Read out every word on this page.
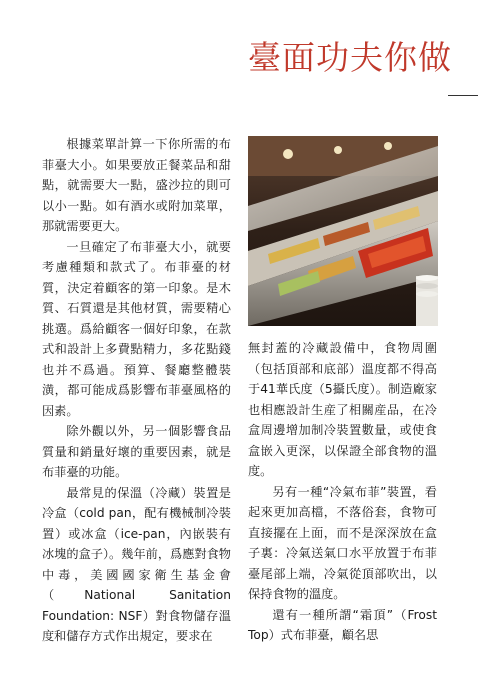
臺面功夫你做

根據菜單計算一下你所需的布菲臺大小。如果要放正餐菜品和甜點，就需要大一點，盛沙拉的則可以小一點。如有酒水或附加菜單，那就需要更大。

一旦確定了布菲臺大小，就要考慮種類和款式了。布菲臺的材質，決定着顧客的第一印象。是木質、石質還是其他材質，需要精心挑選。爲給顧客一個好印象，在款式和設計上多費點精力，多花點錢也并不爲過。預算、餐廳整體裝潢，都可能成爲影響布菲臺風格的因素。

除外觀以外，另一個影響食品質量和銷量好壞的重要因素，就是布菲臺的功能。

最常見的保溫（冷藏）裝置是冷盒（cold pan，配有機械制冷裝置）或冰盒（ice-pan，內嵌裝有冰塊的盒子）。幾年前，爲應對食物中毒，美國國家衛生基金會（National Sanitation Foundation: NSF）對食物儲存溫度和儲存方式作出規定，要求在

無封蓋的冷藏設備中，食物周圍（包括頂部和底部）溫度都不得高于41華氏度（5攝氏度）。制造廠家也相應設計生産了相關産品，在冷盒周邊增加制冷裝置數量，或使食盒嵌入更深，以保證全部食物的溫度。

另有一種“冷氣布菲”裝置，看起來更加高檔，不落俗套，食物可直接擺在上面，而不是深深放在盒子裏：冷氣送氣口水平放置于布菲臺尾部上端，冷氣從頂部吹出，以保持食物的溫度。

還有一種所謂“霜頂”（Frost Top）式布菲臺，顧名思
